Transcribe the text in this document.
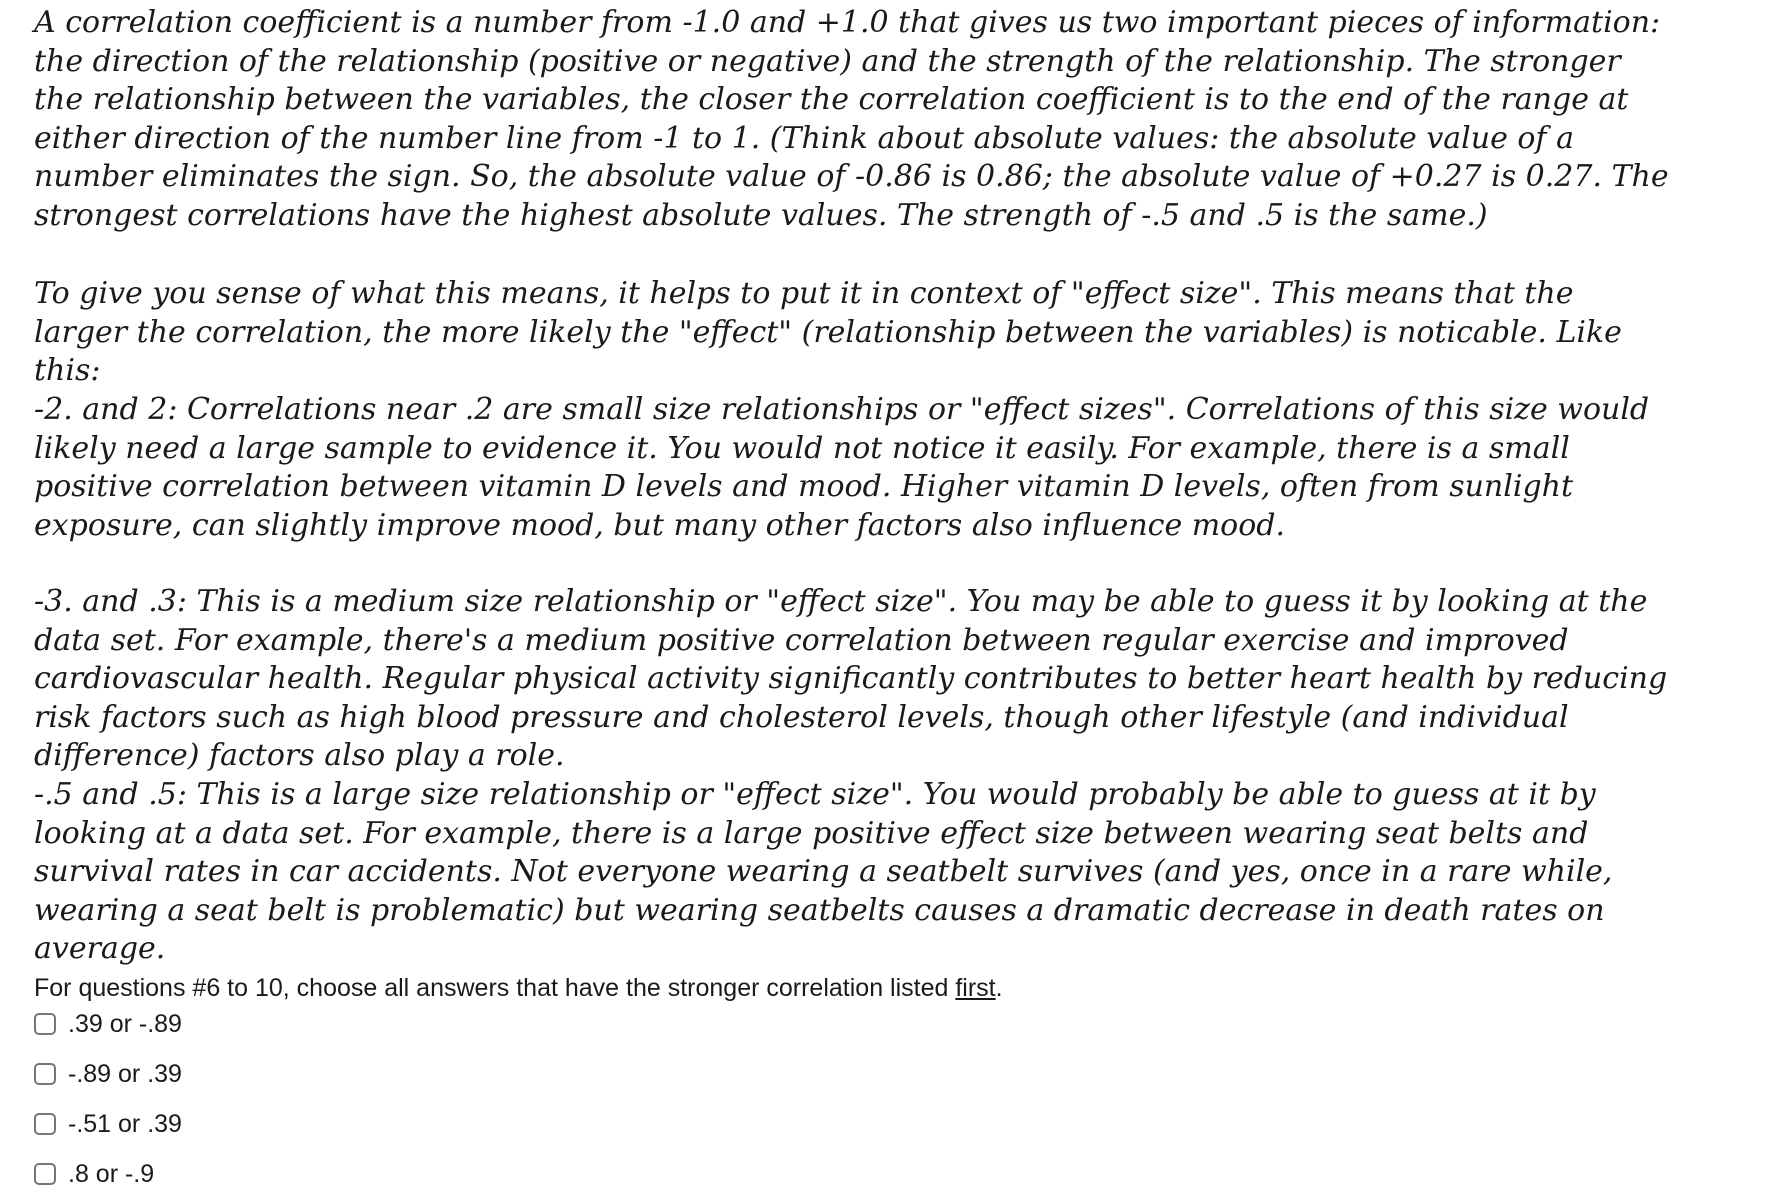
A correlation coefficient is a number from -1.0 and +1.0 that gives us two important pieces of information: the direction of the relationship (positive or negative) and the strength of the relationship. The stronger the relationship between the variables, the closer the correlation coefficient is to the end of the range at either direction of the number line from -1 to 1. (Think about absolute values: the absolute value of a number eliminates the sign. So, the absolute value of -0.86 is 0.86; the absolute value of +0.27 is 0.27. The strongest correlations have the highest absolute values. The strength of -.5 and .5 is the same.)

To give you sense of what this means, it helps to put it in context of "effect size". This means that the larger the correlation, the more likely the "effect" (relationship between the variables) is noticable. Like this:

-2. and 2: Correlations near .2 are small size relationships or "effect sizes". Correlations of this size would likely need a large sample to evidence it. You would not notice it easily. For example, there is a small positive correlation between vitamin D levels and mood. Higher vitamin D levels, often from sunlight exposure, can slightly improve mood, but many other factors also influence mood.

-3. and .3: This is a medium size relationship or "effect size". You may be able to guess it by looking at the data set. For example, there's a medium positive correlation between regular exercise and improved cardiovascular health. Regular physical activity significantly contributes to better heart health by reducing risk factors such as high blood pressure and cholesterol levels, though other lifestyle (and individual difference) factors also play a role.

-.5 and .5: This is a large size relationship or "effect size". You would probably be able to guess at it by looking at a data set. For example, there is a large positive effect size between wearing seat belts and survival rates in car accidents. Not everyone wearing a seatbelt survives (and yes, once in a rare while, wearing a seat belt is problematic) but wearing seatbelts causes a dramatic decrease in death rates on average.

For questions #6 to 10, choose all answers that have the stronger correlation listed first.

.39 or -.89
-.89 or .39
-.51 or .39
.8 or -.9
